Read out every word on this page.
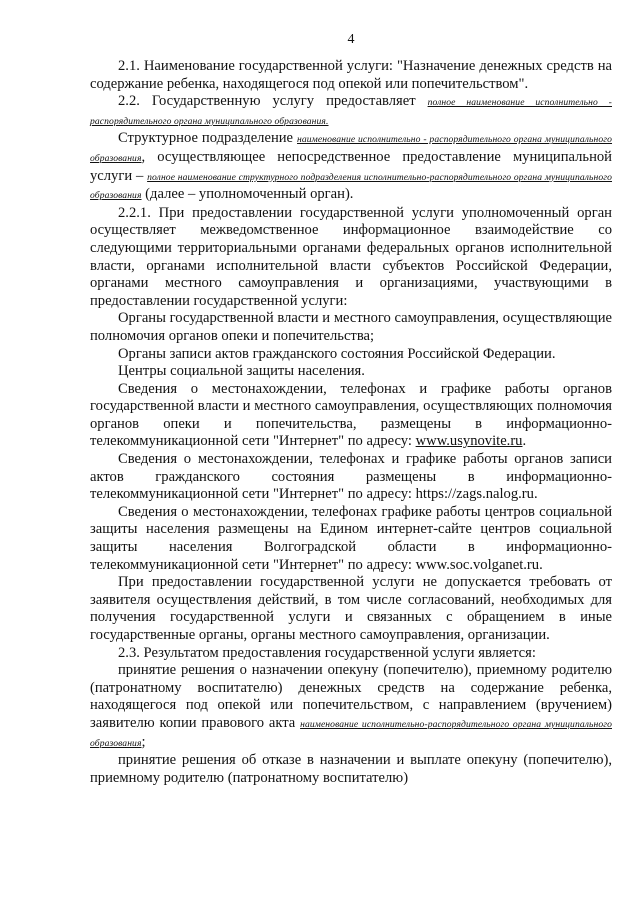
4

2.1. Наименование государственной услуги: "Назначение денежных средств на содержание ребенка, находящегося под опекой или попечительством".

2.2. Государственную услугу предоставляет полное наименование исполнительно - распорядительного органа муниципального образования.

Структурное подразделение наименование исполнительно - распорядительного органа муниципального образования, осуществляющее непосредственное предоставление муниципальной услуги – полное наименование структурного подразделения исполнительно-распорядительного органа муниципального образования (далее – уполномоченный орган).

2.2.1. При предоставлении государственной услуги уполномоченный орган осуществляет межведомственное информационное взаимодействие со следующими территориальными органами федеральных органов исполнительной власти, органами исполнительной власти субъектов Российской Федерации, органами местного самоуправления и организациями, участвующими в предоставлении государственной услуги:

Органы государственной власти и местного самоуправления, осуществляющие полномочия органов опеки и попечительства;

Органы записи актов гражданского состояния Российской Федерации.

Центры социальной защиты населения.

Сведения о местонахождении, телефонах и графике работы органов государственной власти и местного самоуправления, осуществляющих полномочия органов опеки и попечительства, размещены в информационно-телекоммуникационной сети "Интернет" по адресу: www.usynovite.ru.

Сведения о местонахождении, телефонах и графике работы органов записи актов гражданского состояния размещены в информационно-телекоммуникационной сети "Интернет" по адресу: https://zags.nalog.ru.

Сведения о местонахождении, телефонах графике работы центров социальной защиты населения размещены на Едином интернет-сайте центров социальной защиты населения Волгоградской области в информационно-телекоммуникационной сети "Интернет" по адресу: www.soc.volganet.ru.

При предоставлении государственной услуги не допускается требовать от заявителя осуществления действий, в том числе согласований, необходимых для получения государственной услуги и связанных с обращением в иные государственные органы, органы местного самоуправления, организации.

2.3. Результатом предоставления государственной услуги является:

принятие решения о назначении опекуну (попечителю), приемному родителю (патронатному воспитателю) денежных средств на содержание ребенка, находящегося под опекой или попечительством, с направлением (вручением) заявителю копии правового акта наименование исполнительно-распорядительного органа муниципального образования;

принятие решения об отказе в назначении и выплате опекуну (попечителю), приемному родителю (патронатному воспитателю)
